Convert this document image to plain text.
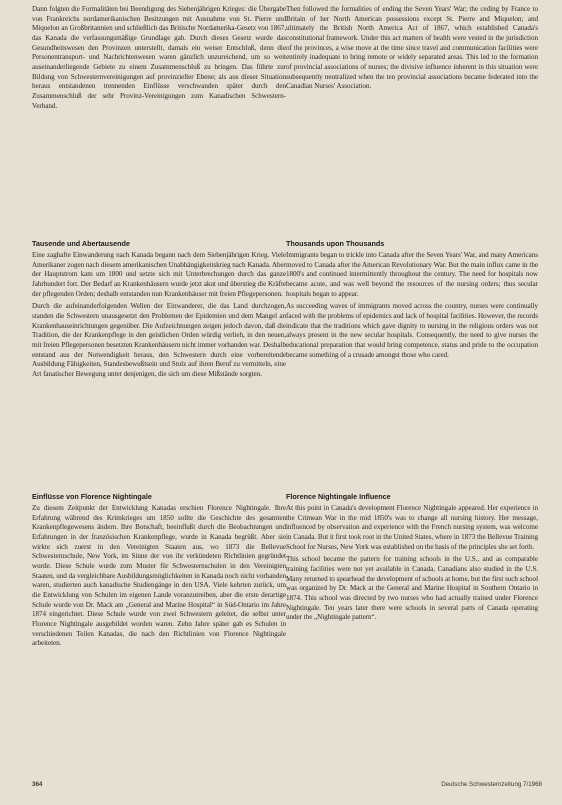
Dann folgten die Formalitäten bei Beendigung des Siebenjährigen Krieges: die Übergabe von Frankreichs nordamerikanischen Besitzungen mit Ausnahme von St. Pierre und Miquelon an Großbritannien und schließlich das Britische Nordamerika-Gesetz von 1867, das Kanada die verfassungsmäßige Grundlage gab. Durch dieses Gesetz wurde das Gesundheitswesen den Provinzen unterstellt, damals ein weiser Entschluß, denn die Personentransport- und Nachrichtenwesen waren gänzlich unzureichend, um so weit auseinanderliegende Gebiete zu einem Zusammenschluß zu bringen. Das führte zur Bildung von Schwesternvereinigungen auf provinzieller Ebene; als aus dieser Situation heraus entstandenen trennenden Einflüsse verschwanden später durch den Zusammenschluß der sehr Provinz-Vereinigungen zum Kanadischen Schwestern-Verband.

Tausende und Abertausende

Eine zaghafte Einwanderung nach Kanada begann nach dem Siebenjährigen Krieg. Viele Amerikaner zogen nach diesem amerikanischen Unabhängigkeitskrieg nach Kanada. Aber der Hauptstrom kam um 1800 und setzte sich mit Unterbrechungen durch das ganze Jahrhundert fort. Der Bedarf an Krankenhäusern wurde jetzt akut und überstieg die Kräfte der pflegenden Orden; deshalb entstanden nun Krankenhäuser mit freien Pflegepersonen.

Durch die aufeinanderfolgenden Wellen der Einwanderer, die das Land durchzogen, standen die Schwestern unausgesetzt den Problemen der Epidemien und dem Mangel an Krankenhauseinrichtungen gegenüber. Die Aufzeichnungen zeigen jedoch davon, daß die Tradition, die der Krankenpflege in den geistlichen Orden würdig verlieh, in den neuen, mit freien Pflegepersonen besetzten Krankenhäusern nicht immer vorhanden war. Deshalb entstand aus der Notwendigkeit heraus, den Schwestern durch eine vorbereitende Ausbildung Fähigkeiten, Standesbewußtsein und Stolz auf ihren Beruf zu vermitteln, eine Art fanatischer Bewegung unter denjenigen, die sich um diese Mißstände sorgten.

Einflüsse von Florence Nightingale

Zu diesem Zeitpunkt der Entwicklung Kanadas erschien Florence Nightingale. Ihre Erfahrung während des Krimkrieges um 1850 sollte die Geschichte des gesamten Krankenpflegewesens ändern. Ihre Botschaft, beeinflußt durch die Beobachtungen und Erfahrungen in der französischen Krankenpflege, wurde in Kanada begrüßt. Aber sie wirkte sich zuerst in den Vereinigten Staaten aus, wo 1873 die Bellevue Schwesternschule, New York, im Sinne der von ihr verkündeten Richtlinien gegründet wurde. Diese Schule wurde zum Muster für Schwesternschulen in den Vereinigten Staaten, und da vergleichbare Ausbildungsmöglichkeiten in Kanada noch nicht vorhanden waren, studierten auch kanadische Studiengänge in den USA. Viele kehrten zurück, um die Entwicklung von Schulen im eigenen Lande voranzutreiben, aber die erste derartige Schule wurde von Dr. Mack am „General and Marine Hospital“ in Süd-Ontario im Jahre 1874 eingerichtet. Diese Schule wurde von zwei Schwestern geleitet, die selbst unter Florence Nightingale ausgebildet worden waren. Zehn Jahre später gab es Schulen in verschiedenen Teilen Kanadas, die nach den Richtlinien von Florence Nightingale arbeiteten.

Then followed the formalities of ending the Seven Years' War; the ceding by France to Britain of her North American possessions except St. Pierre and Miquelon; and ultimately the British North America Act of 1867, which established Canada's constitutional framework. Under this act matters of health were vested in the jurisdiction of the provinces, a wise move at the time since travel and communication facilities were entirely inadequate to bring remote or widely separated areas. This led to the formation of provincial associations of nurses; the divisive influence inherent in this situation were subsequently neutralized when the ten provincial associations became federated into the Canadian Nurses' Association.

Thousands upon Thousands

Immigrants began to trickle into Canada after the Seven Years' War, and many Americans moved to Canada after the American Revolutionary War. But the main influx came in the 1800's and continued intermittently throughout the century. The need for hospitals now became acute, and was well beyond the resources of the nursing orders; thus secular hospitals began to appear.

As succeeding waves of immigrants moved across the country, nurses were continually faced with the problems of epidemics and lack of hospital facilities. However, the records indicate that the traditions which gave dignity to nursing in the religious orders was not always present in the new secular hospitals. Consequently, the need to give nurses the educational preparation that would bring competence, status and pride to the occupation became something of a crusade amongst those who cared.

Florence Nightingale Influence

At this point in Canada's development Florence Nightingale appeared. Her experience in the Crimean War in the mid 1850's was to change all nursing history. Her message, influenced by observation and experience with the French nursing system, was welcome in Canada. But it first took root in the United States, where in 1873 the Bellevue Training School for Nurses, New York was established on the basis of the principles she set forth.

This school became the pattern for training schools in the U.S., and as comparable training facilities were not yet available in Canada, Canadians also studied in the U.S. Many returned to spearhead the development of schools at home, but the first such school was organized by Dr. Mack at the General and Marine Hospital in Southern Ontario in 1874. This school was directed by two nurses who had actually trained under Florence Nightingale. Ten years later there were schools in several parts of Canada operating under the „Nightingale pattern“.

364	Deutsche Schwesternzeitung 7/1968
